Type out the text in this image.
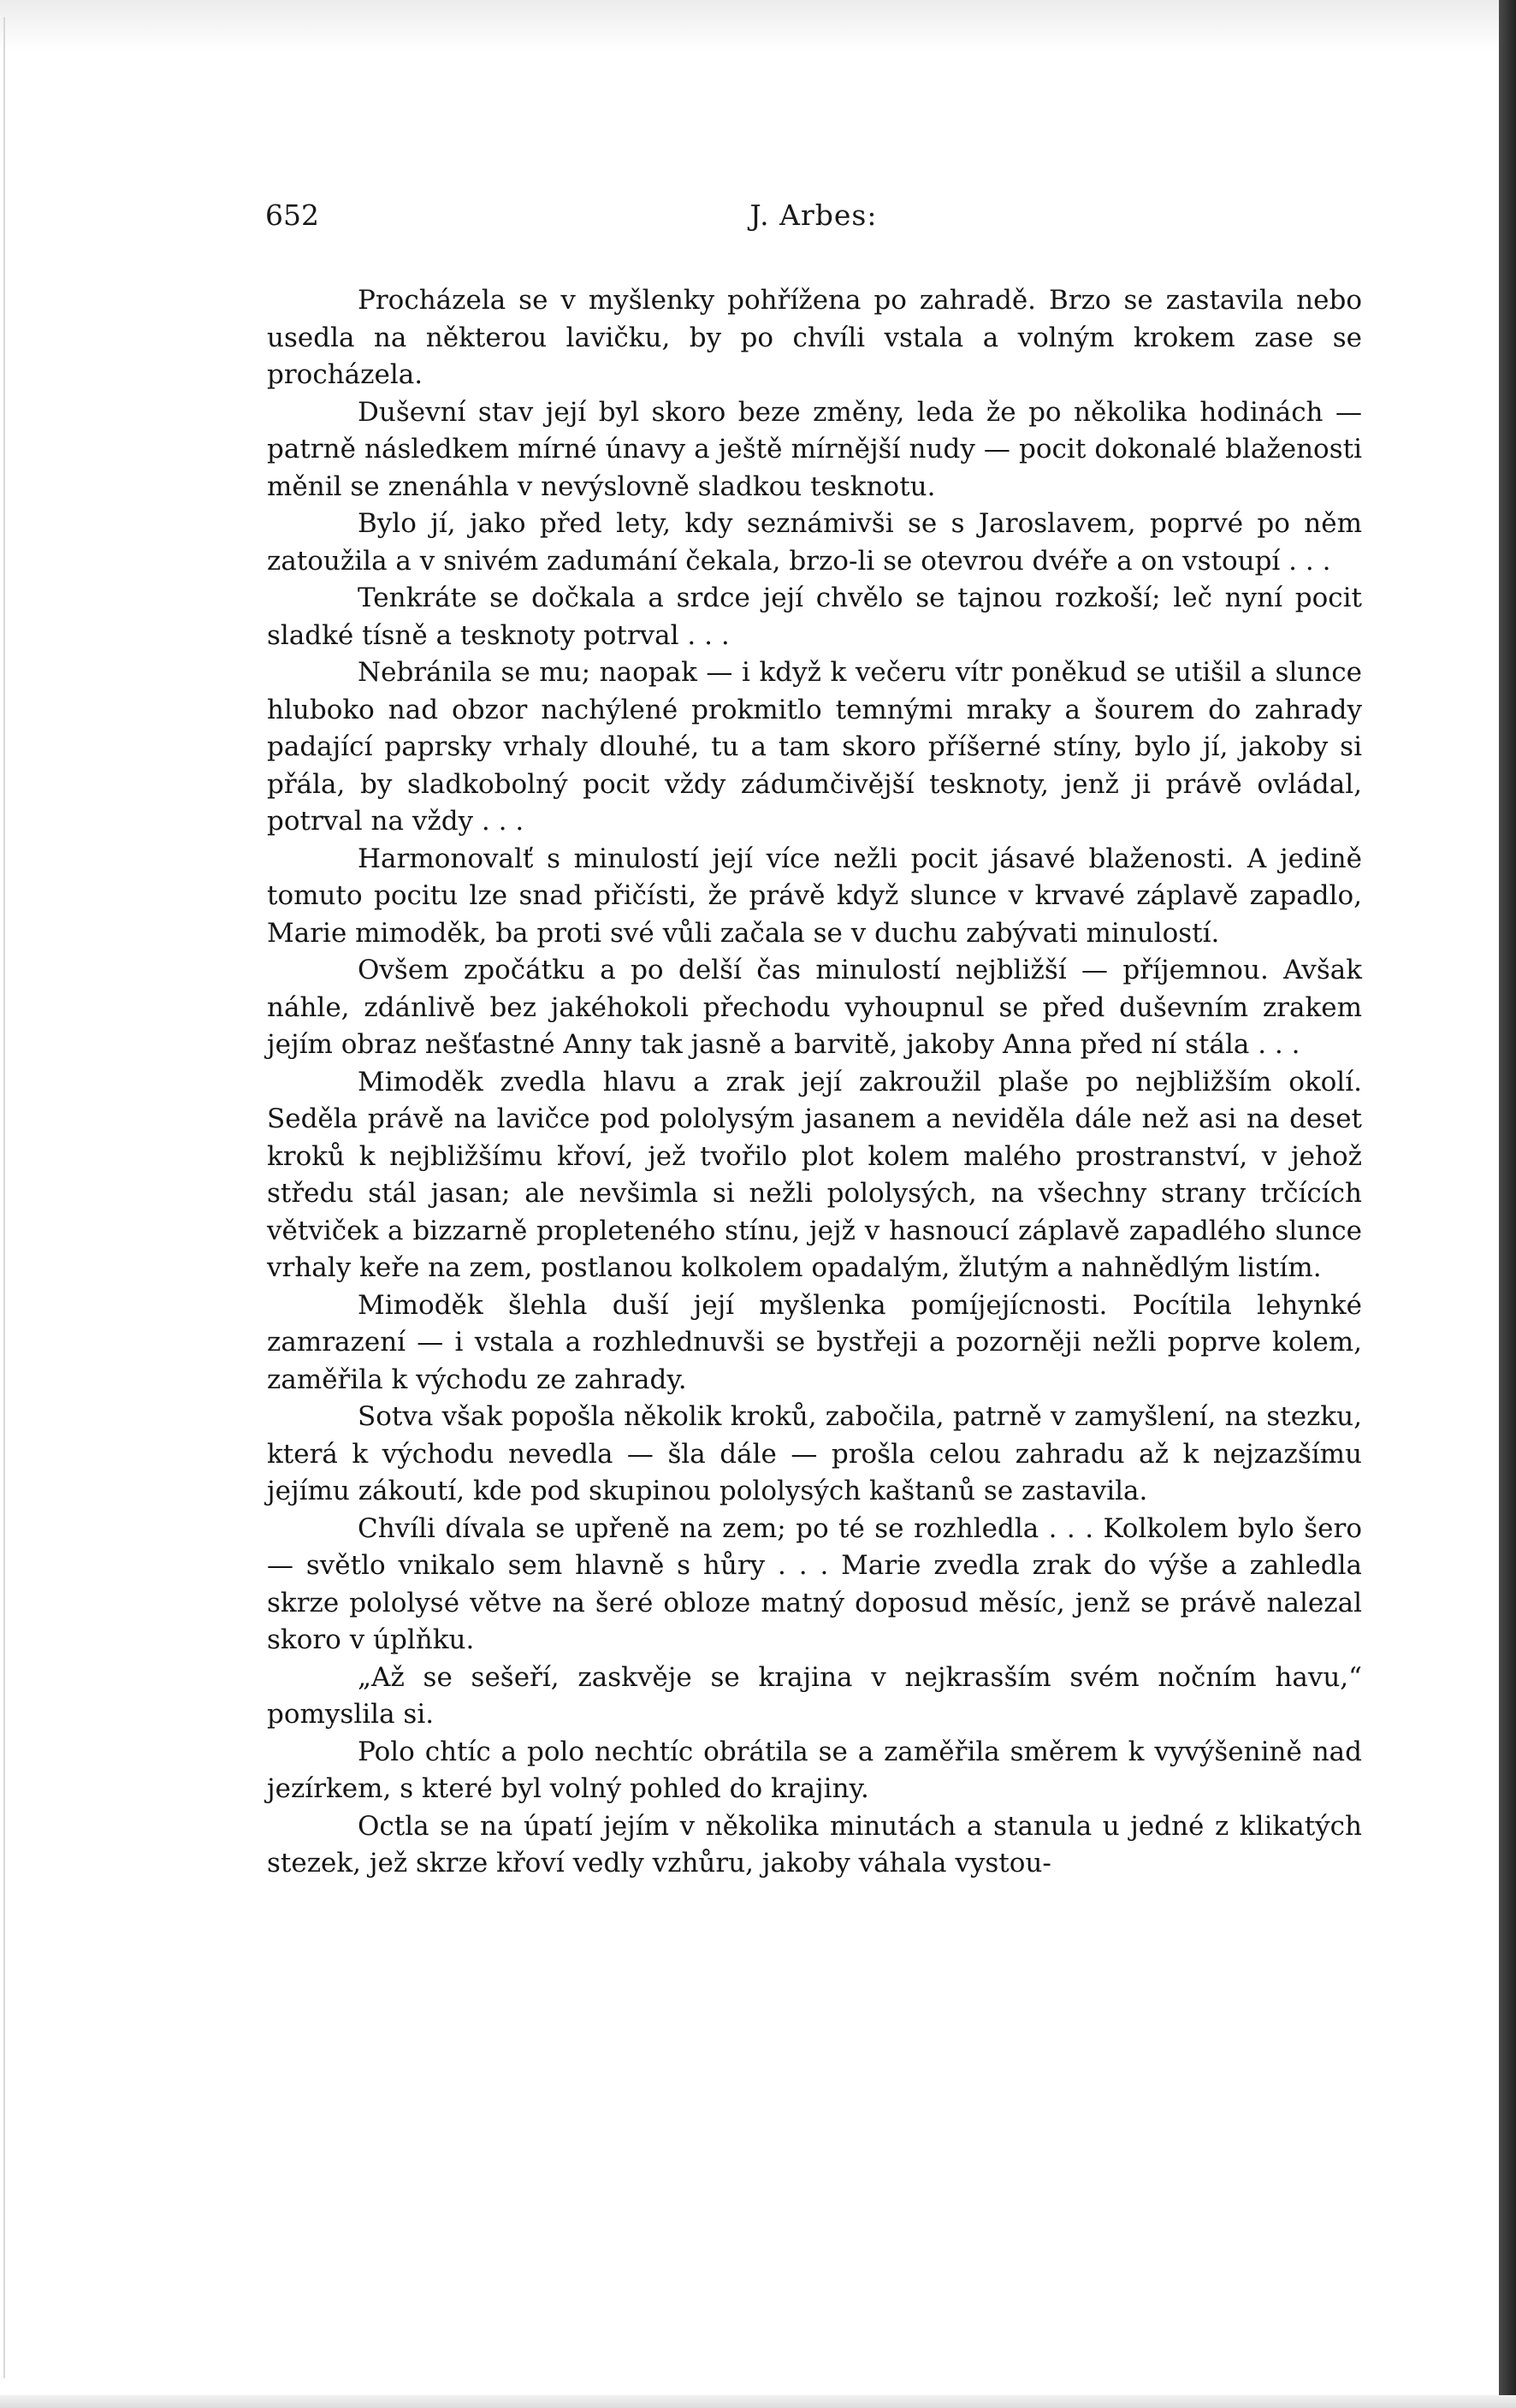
652	J. Arbes:

Procházela se v myšlenky pohřížena po zahradě. Brzo se zastavila nebo usedla na některou lavičku, by po chvíli vstala a volným krokem zase se procházela.

Duševní stav její byl skoro beze změny, leda že po několika hodinách — patrně následkem mírné únavy a ještě mírnější nudy — pocit dokonalé blaženosti měnil se znenáhla v nevýslovně sladkou tesknotu.

Bylo jí, jako před lety, kdy seznámivši se s Jaroslavem, poprvé po něm zatoužila a v snivém zadumání čekala, brzo-li se otevrou dvéře a on vstoupí . . .

Tenkráte se dočkala a srdce její chvělo se tajnou rozkoší; leč nyní pocit sladké tísně a tesknoty potrval . . .

Nebránila se mu; naopak — i když k večeru vítr poněkud se utišil a slunce hluboko nad obzor nachýlené prokmitlo temnými mraky a šourem do zahrady padající paprsky vrhaly dlouhé, tu a tam skoro příšerné stíny, bylo jí, jakoby si přála, by sladkobolný pocit vždy zádumčivější tesknoty, jenž ji právě ovládal, potrval na vždy . . .

Harmonovalť s minulostí její více nežli pocit jásavé blaženosti. A jedině tomuto pocitu lze snad přičísti, že právě když slunce v krvavé záplavě zapadlo, Marie mimoděk, ba proti své vůli začala se v duchu zabývati minulostí.

Ovšem zpočátku a po delší čas minulostí nejbližší — příjemnou. Avšak náhle, zdánlivě bez jakéhokoli přechodu vyhoupnul se před duševním zrakem jejím obraz nešťastné Anny tak jasně a barvitě, jakoby Anna před ní stála . . .

Mimoděk zvedla hlavu a zrak její zakroužil plaše po nejbližším okolí. Seděla právě na lavičce pod pololysým jasanem a neviděla dále než asi na deset kroků k nejbližšímu křoví, jež tvořilo plot kolem malého prostranství, v jehož středu stál jasan; ale nevšimla si nežli pololysých, na všechny strany trčících větviček a bizzarně propleteného stínu, jejž v hasnoucí záplavě zapadlého slunce vrhaly keře na zem, postlanou kolkolem opadalým, žlutým a nahnědlým listím.

Mimoděk šlehla duší její myšlenka pomíjejícnosti. Pocítila lehynké zamrazení — i vstala a rozhlednuvši se bystřeji a pozorněji nežli poprve kolem, zaměřila k východu ze zahrady.

Sotva však popošla několik kroků, zabočila, patrně v zamyšlení, na stezku, která k východu nevedla — šla dále — prošla celou zahradu až k nejzazšímu jejímu zákoutí, kde pod skupinou pololysých kaštanů se zastavila.

Chvíli dívala se upřeně na zem; po té se rozhledla . . . Kolkolem bylo šero — světlo vnikalo sem hlavně s hůry . . . Marie zvedla zrak do výše a zahledla skrze pololysé větve na šeré obloze matný doposud měsíc, jenž se právě nalezal skoro v úplňku.

„Až se sešeří, zaskvěje se krajina v nejkrasším svém nočním havu,“ pomyslila si.

Polo chtíc a polo nechtíc obrátila se a zaměřila směrem k vyvýšenině nad jezírkem, s které byl volný pohled do krajiny.

Octla se na úpatí jejím v několika minutách a stanula u jedné z klikatých stezek, jež skrze křoví vedly vzhůru, jakoby váhala vystou-
